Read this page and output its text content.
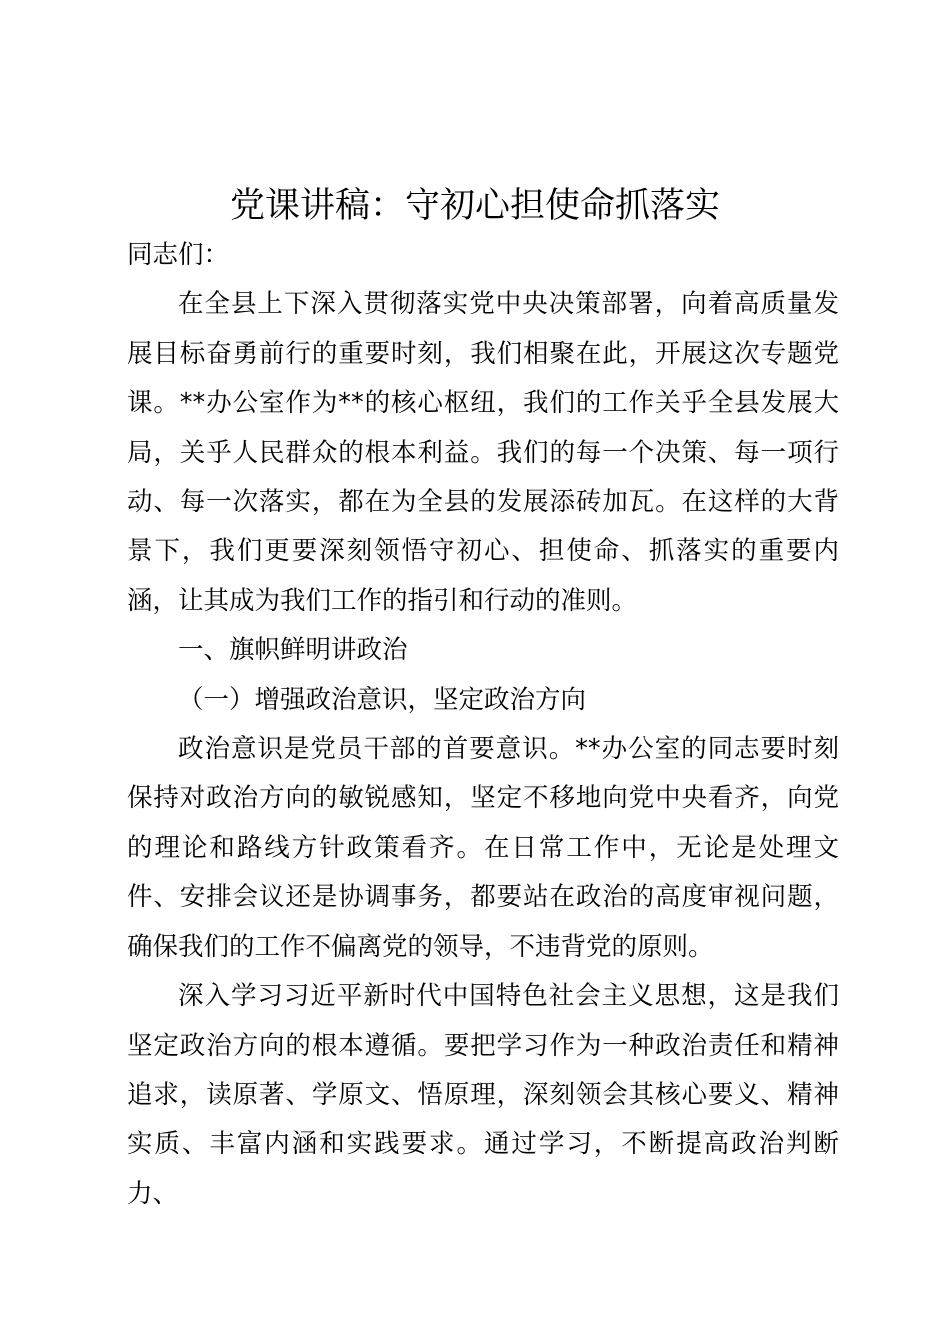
党课讲稿：守初心担使命抓落实

同志们：

在全县上下深入贯彻落实党中央决策部署，向着高质量发展目标奋勇前行的重要时刻，我们相聚在此，开展这次专题党课。**办公室作为**的核心枢纽，我们的工作关乎全县发展大局，关乎人民群众的根本利益。我们的每一个决策、每一项行动、每一次落实，都在为全县的发展添砖加瓦。在这样的大背景下，我们更要深刻领悟守初心、担使命、抓落实的重要内涵，让其成为我们工作的指引和行动的准则。

一、旗帜鲜明讲政治

（一）增强政治意识，坚定政治方向

政治意识是党员干部的首要意识。**办公室的同志要时刻保持对政治方向的敏锐感知，坚定不移地向党中央看齐，向党的理论和路线方针政策看齐。在日常工作中，无论是处理文件、安排会议还是协调事务，都要站在政治的高度审视问题，确保我们的工作不偏离党的领导，不违背党的原则。

深入学习习近平新时代中国特色社会主义思想，这是我们坚定政治方向的根本遵循。要把学习作为一种政治责任和精神追求，读原著、学原文、悟原理，深刻领会其核心要义、精神实质、丰富内涵和实践要求。通过学习，不断提高政治判断力、
